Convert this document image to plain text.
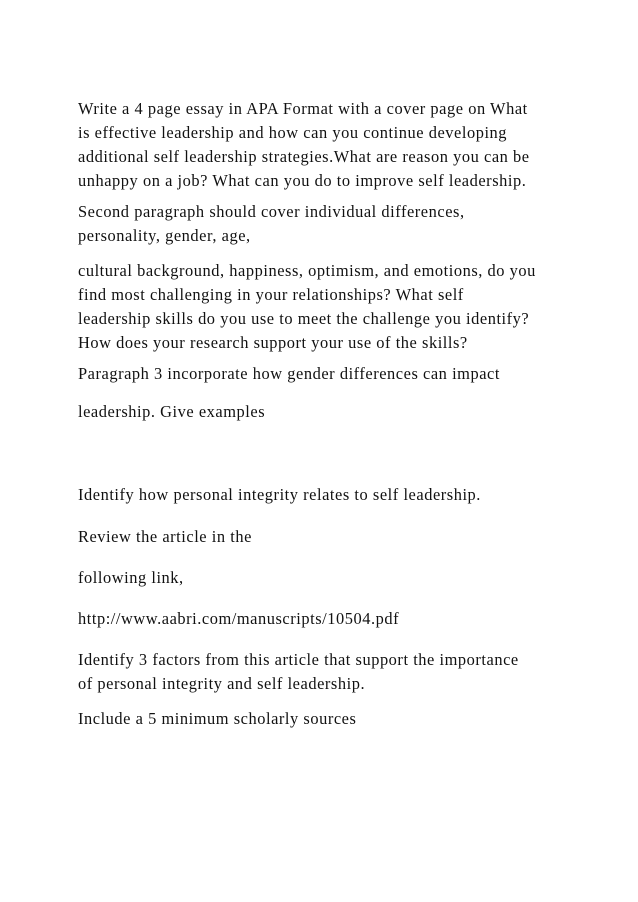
Write a 4 page essay in APA Format with a cover page on What
is effective leadership and how can you continue developing
additional self leadership strategies.What are reason you can be
unhappy on a job? What can you do to improve self leadership.

Second paragraph should cover individual differences,
personality, gender, age,

cultural background, happiness, optimism, and emotions, do you
find most challenging in your relationships? What self
leadership skills do you use to meet the challenge you identify?
How does your research support your use of the skills?

Paragraph 3 incorporate how gender differences can impact

leadership. Give examples

Identify how personal integrity relates to self leadership.

Review the article in the

following link,

http://www.aabri.com/manuscripts/10504.pdf

Identify 3 factors from this article that support the importance
of personal integrity and self leadership.

Include a 5 minimum scholarly sources
